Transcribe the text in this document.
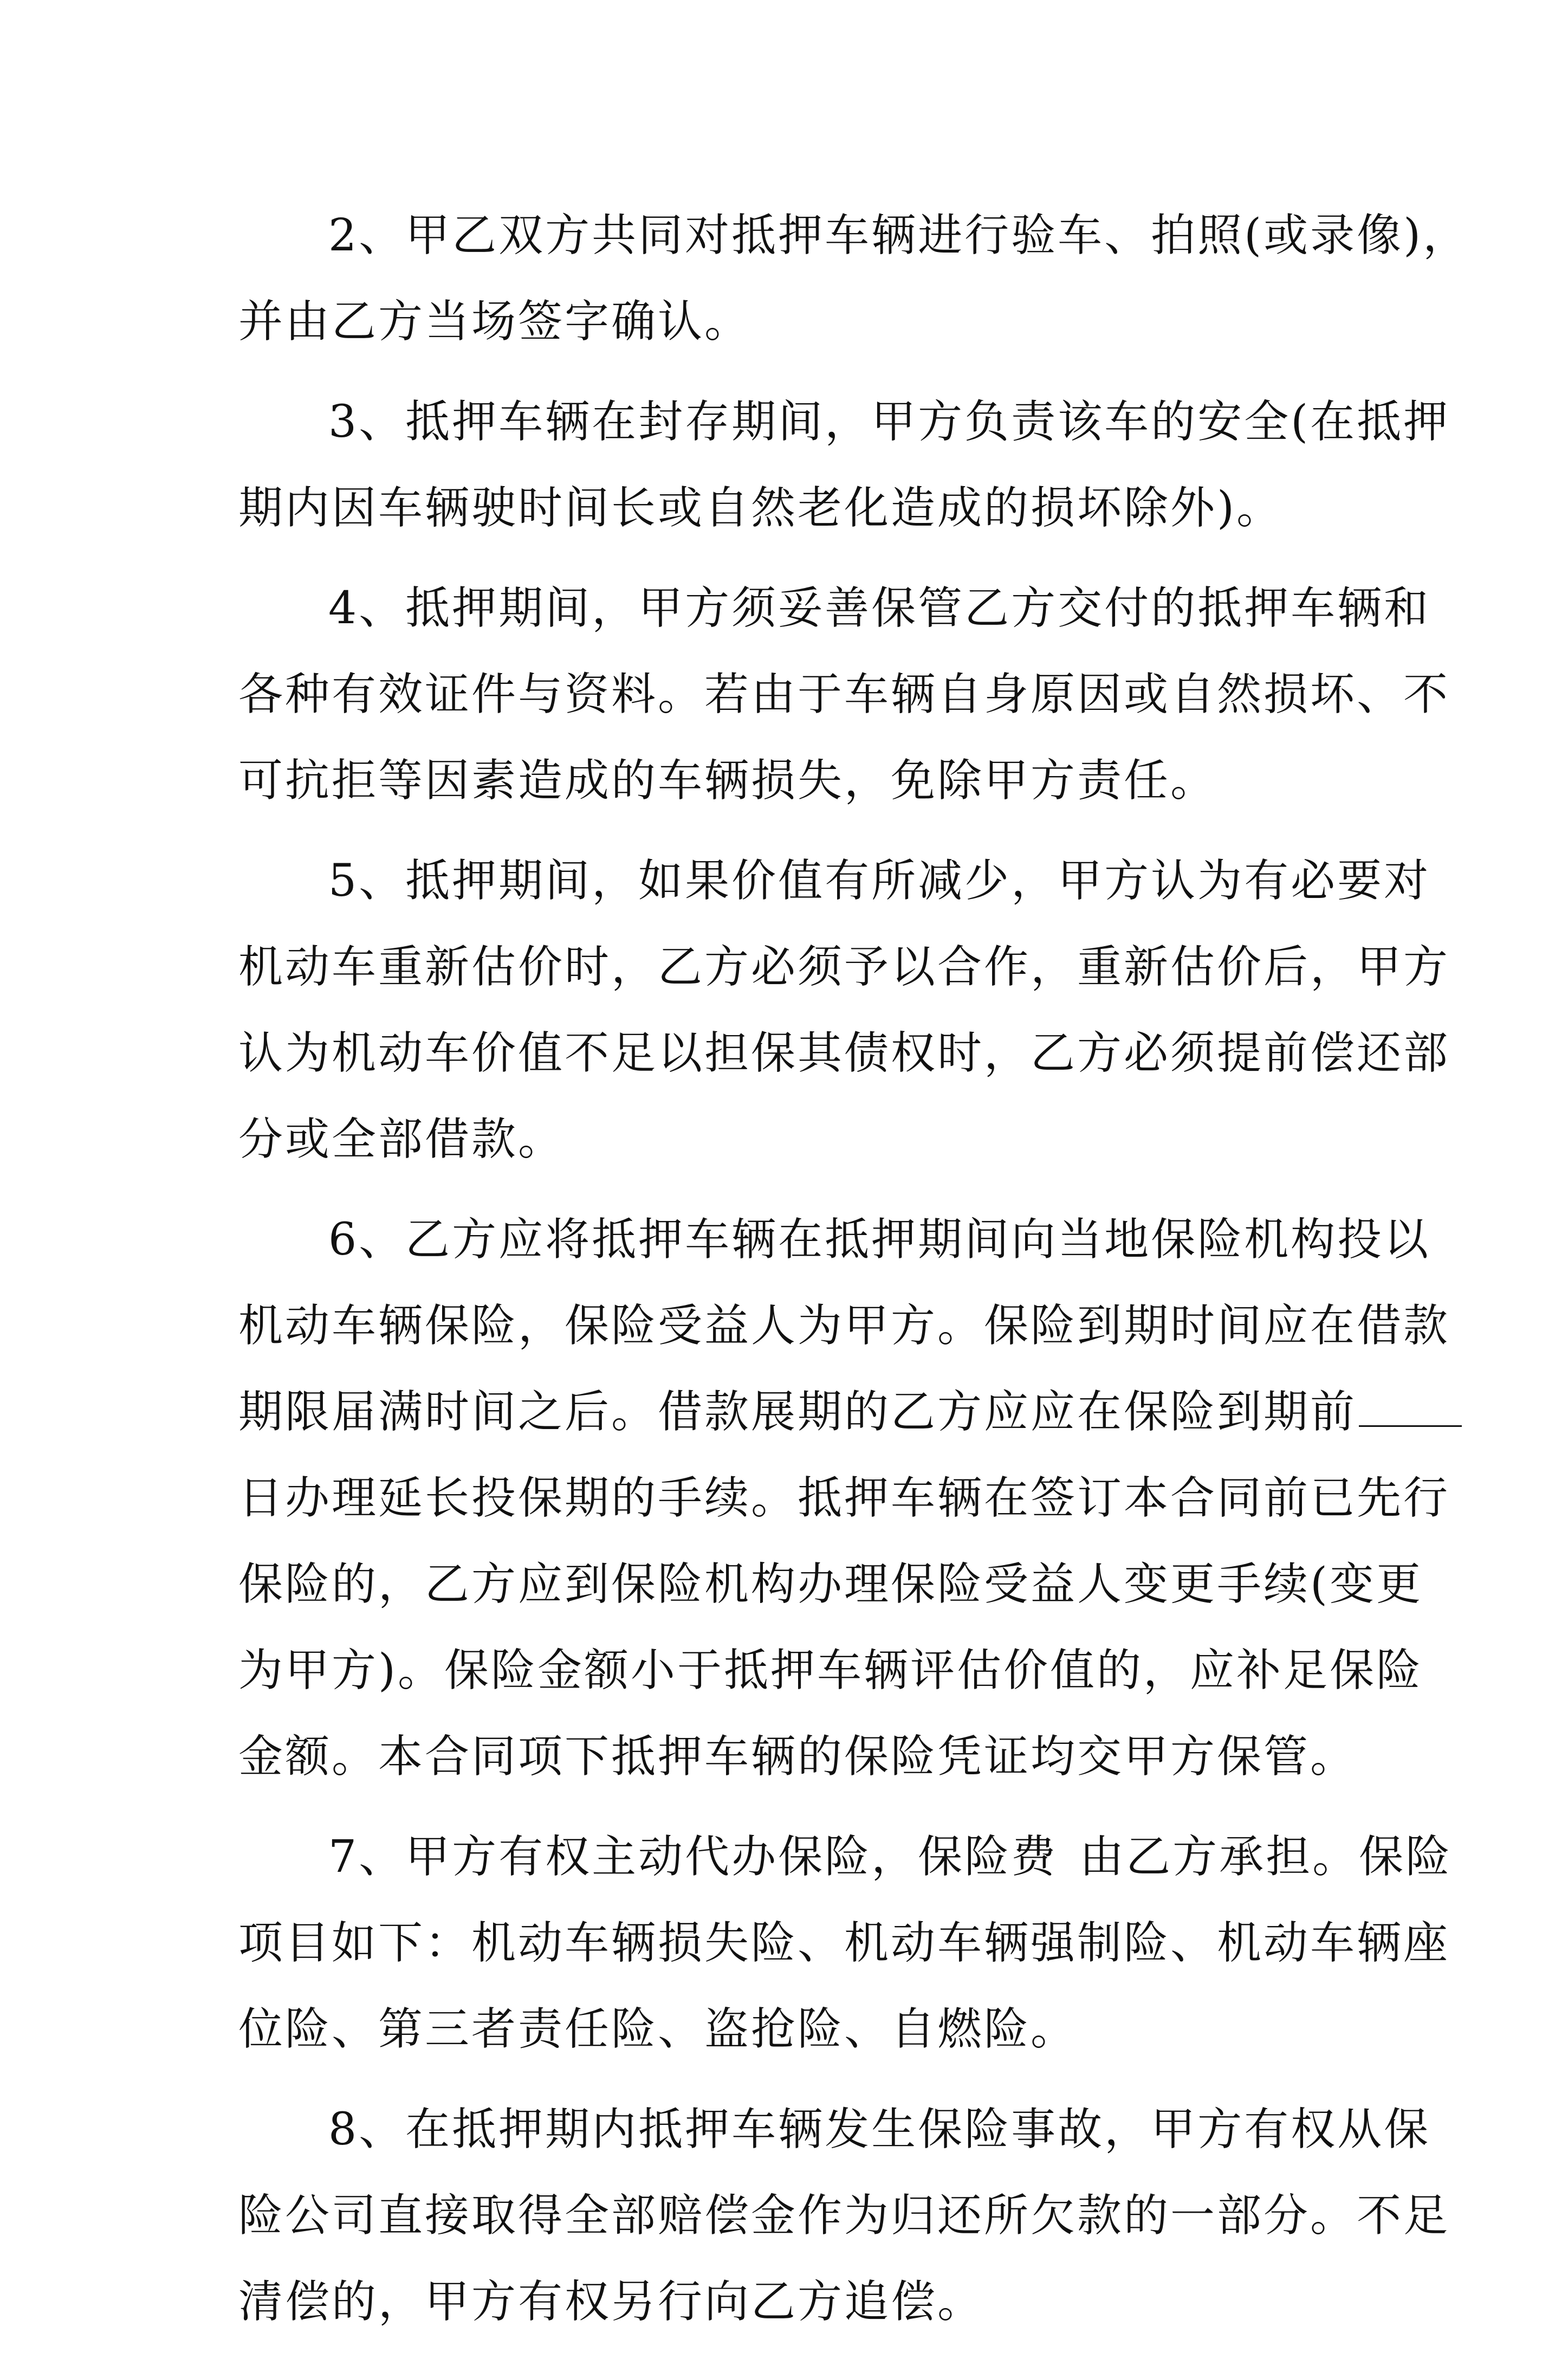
2、甲乙双方共同对抵押车辆进行验车、拍照(或录像)，
并由乙方当场签字确认。
3、抵押车辆在封存期间，甲方负责该车的安全(在抵押
期内因车辆驶时间长或自然老化造成的损坏除外)。
4、抵押期间，甲方须妥善保管乙方交付的抵押车辆和
各种有效证件与资料。若由于车辆自身原因或自然损坏、不
可抗拒等因素造成的车辆损失，免除甲方责任。
5、抵押期间，如果价值有所减少，甲方认为有必要对
机动车重新估价时，乙方必须予以合作，重新估价后，甲方
认为机动车价值不足以担保其债权时，乙方必须提前偿还部
分或全部借款。
6、乙方应将抵押车辆在抵押期间向当地保险机构投以
机动车辆保险，保险受益人为甲方。保险到期时间应在借款
期限届满时间之后。借款展期的乙方应应在保险到期前
日办理延长投保期的手续。抵押车辆在签订本合同前已先行
保险的，乙方应到保险机构办理保险受益人变更手续(变更
为甲方)。保险金额小于抵押车辆评估价值的，应补足保险
金额。本合同项下抵押车辆的保险凭证均交甲方保管。
7、甲方有权主动代办保险，保险费 由乙方承担。保险
项目如下：机动车辆损失险、机动车辆强制险、机动车辆座
位险、第三者责任险、盗抢险、自燃险。
8、在抵押期内抵押车辆发生保险事故，甲方有权从保
险公司直接取得全部赔偿金作为归还所欠款的一部分。不足
清偿的，甲方有权另行向乙方追偿。
